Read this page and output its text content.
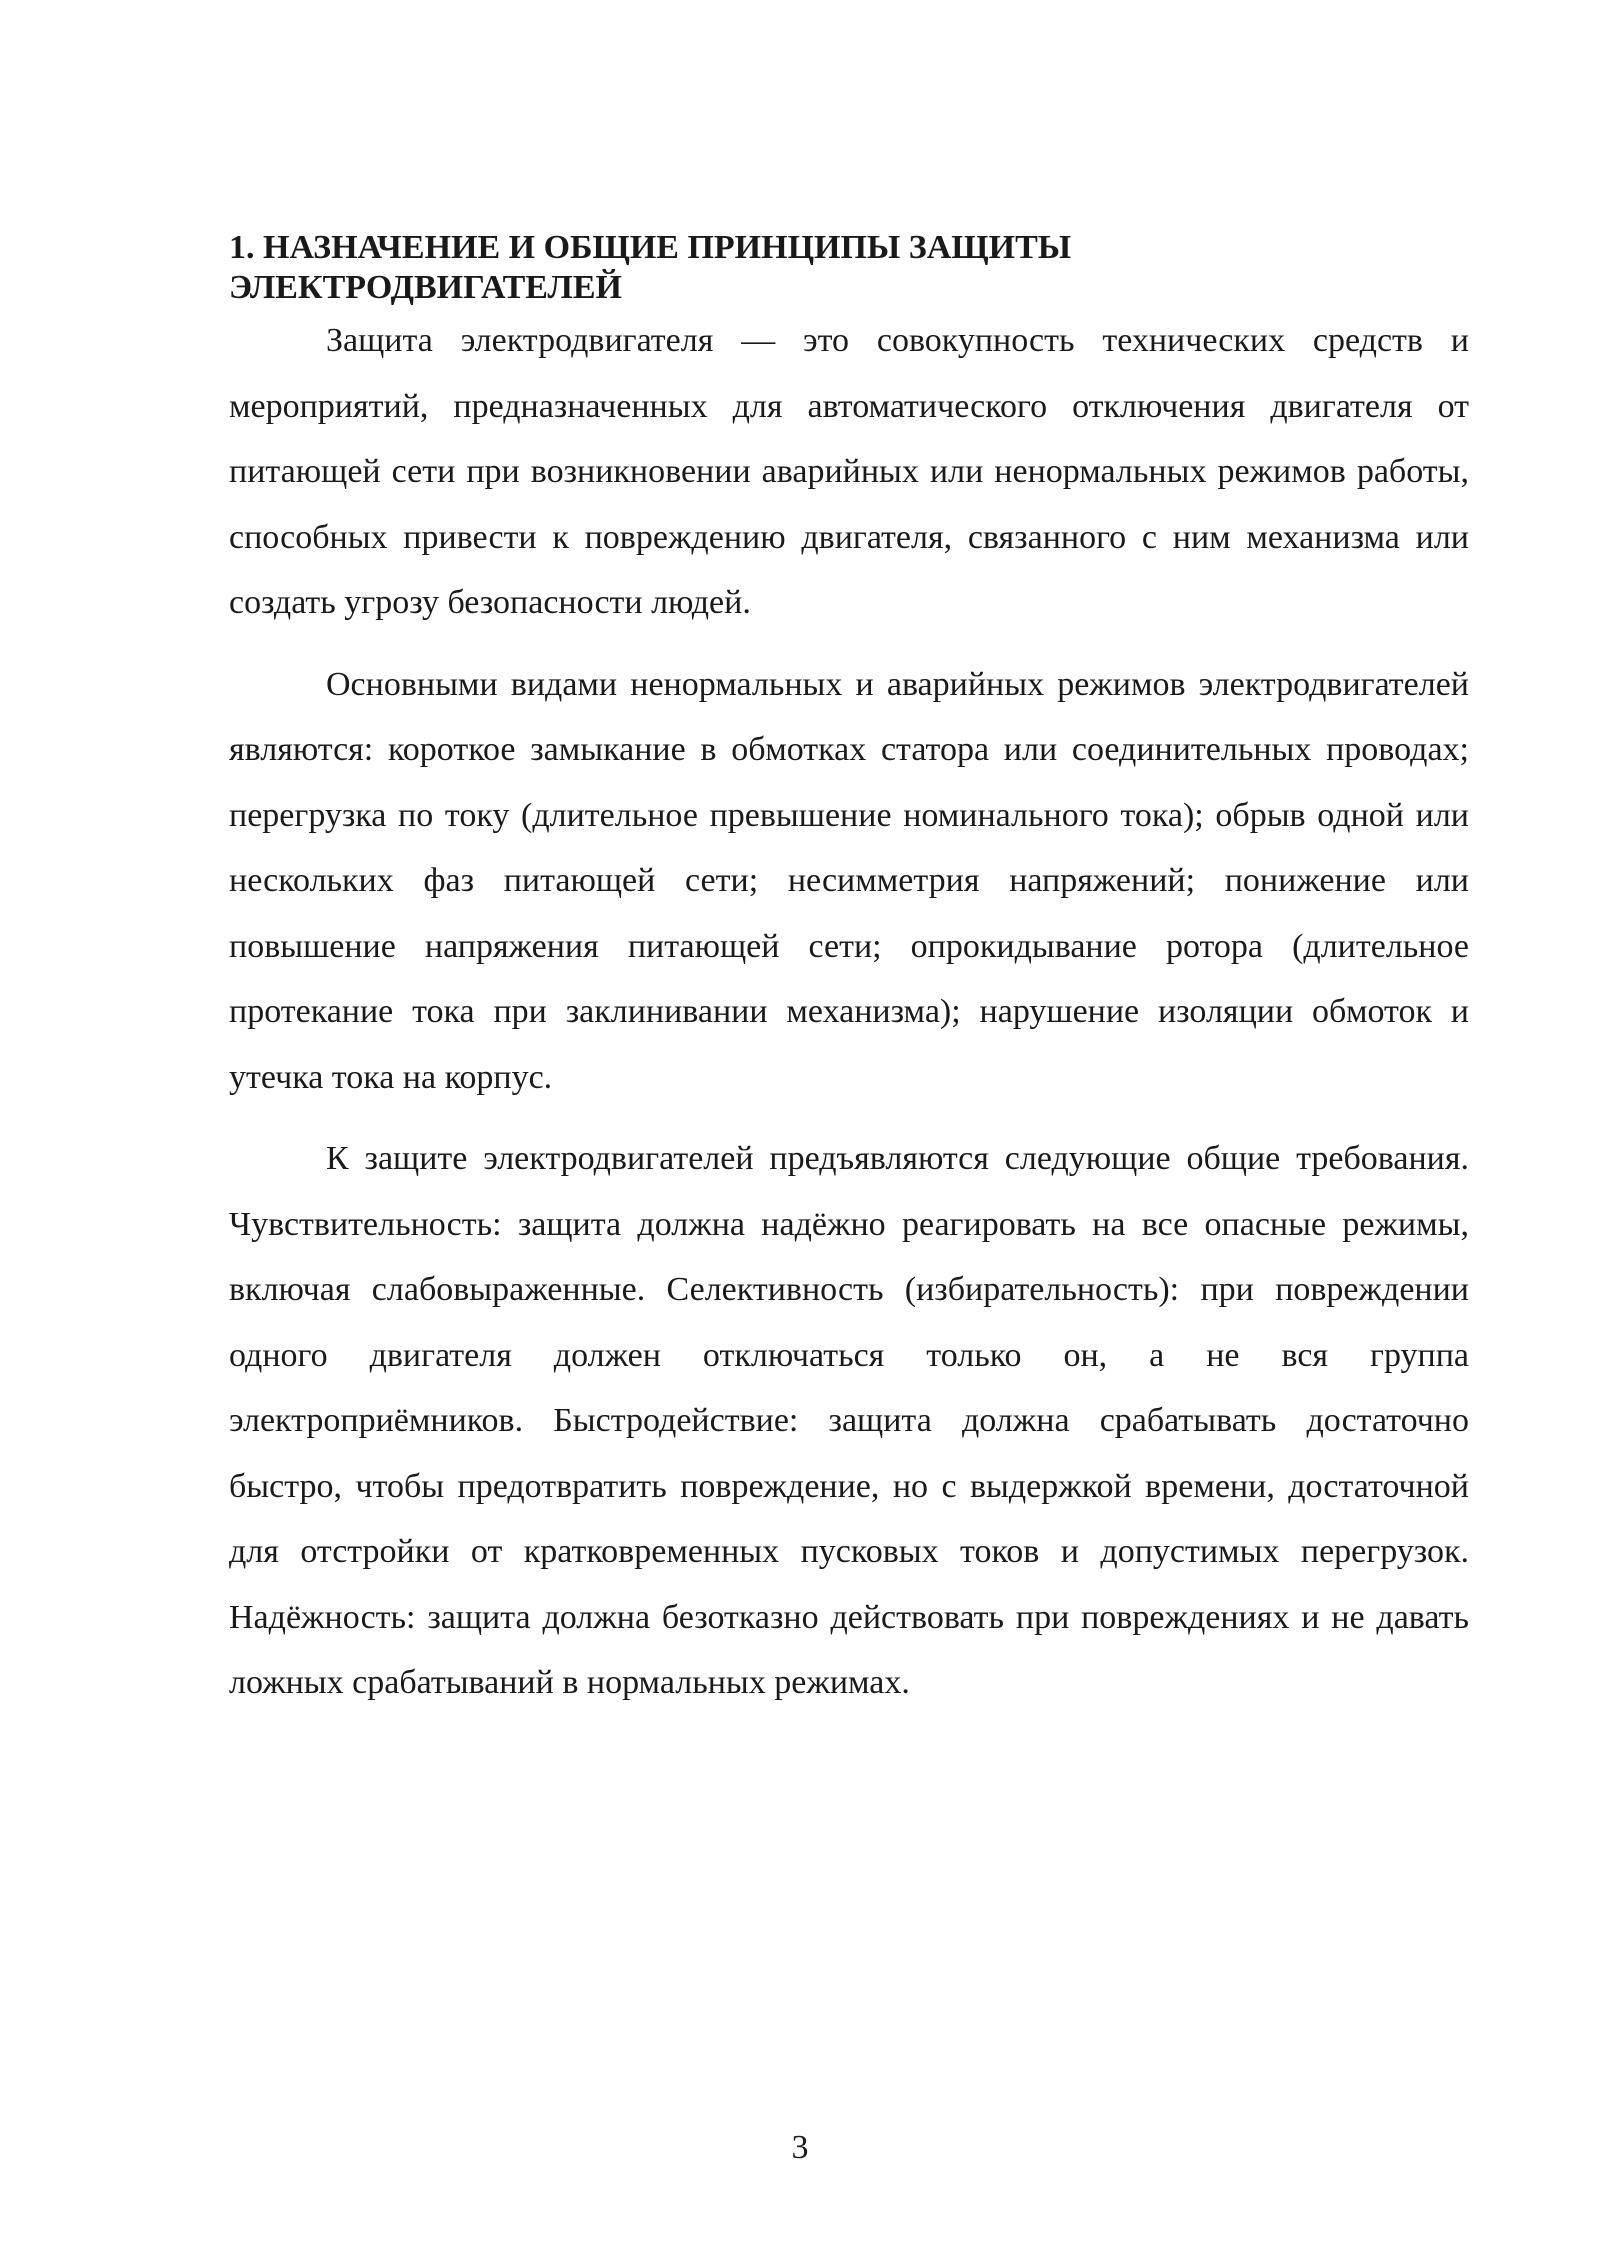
1. НАЗНАЧЕНИЕ И ОБЩИЕ ПРИНЦИПЫ ЗАЩИТЫ
ЭЛЕКТРОДВИГАТЕЛЕЙ

Защита электродвигателя — это совокупность технических средств и мероприятий, предназначенных для автоматического отключения двигателя от питающей сети при возникновении аварийных или ненормальных режимов работы, способных привести к повреждению двигателя, связанного с ним механизма или создать угрозу безопасности людей.

Основными видами ненормальных и аварийных режимов электродвигателей являются: короткое замыкание в обмотках статора или соединительных проводах; перегрузка по току (длительное превышение номинального тока); обрыв одной или нескольких фаз питающей сети; несимметрия напряжений; понижение или повышение напряжения питающей сети; опрокидывание ротора (длительное протекание тока при заклинивании механизма); нарушение изоляции обмоток и утечка тока на корпус.

К защите электродвигателей предъявляются следующие общие требования. Чувствительность: защита должна надёжно реагировать на все опасные режимы, включая слабовыраженные. Селективность (избирательность): при повреждении одного двигателя должен отключаться только он, а не вся группа электроприёмников. Быстродействие: защита должна срабатывать достаточно быстро, чтобы предотвратить повреждение, но с выдержкой времени, достаточной для отстройки от кратковременных пусковых токов и допустимых перегрузок. Надёжность: защита должна безотказно действовать при повреждениях и не давать ложных срабатываний в нормальных режимах.

3
